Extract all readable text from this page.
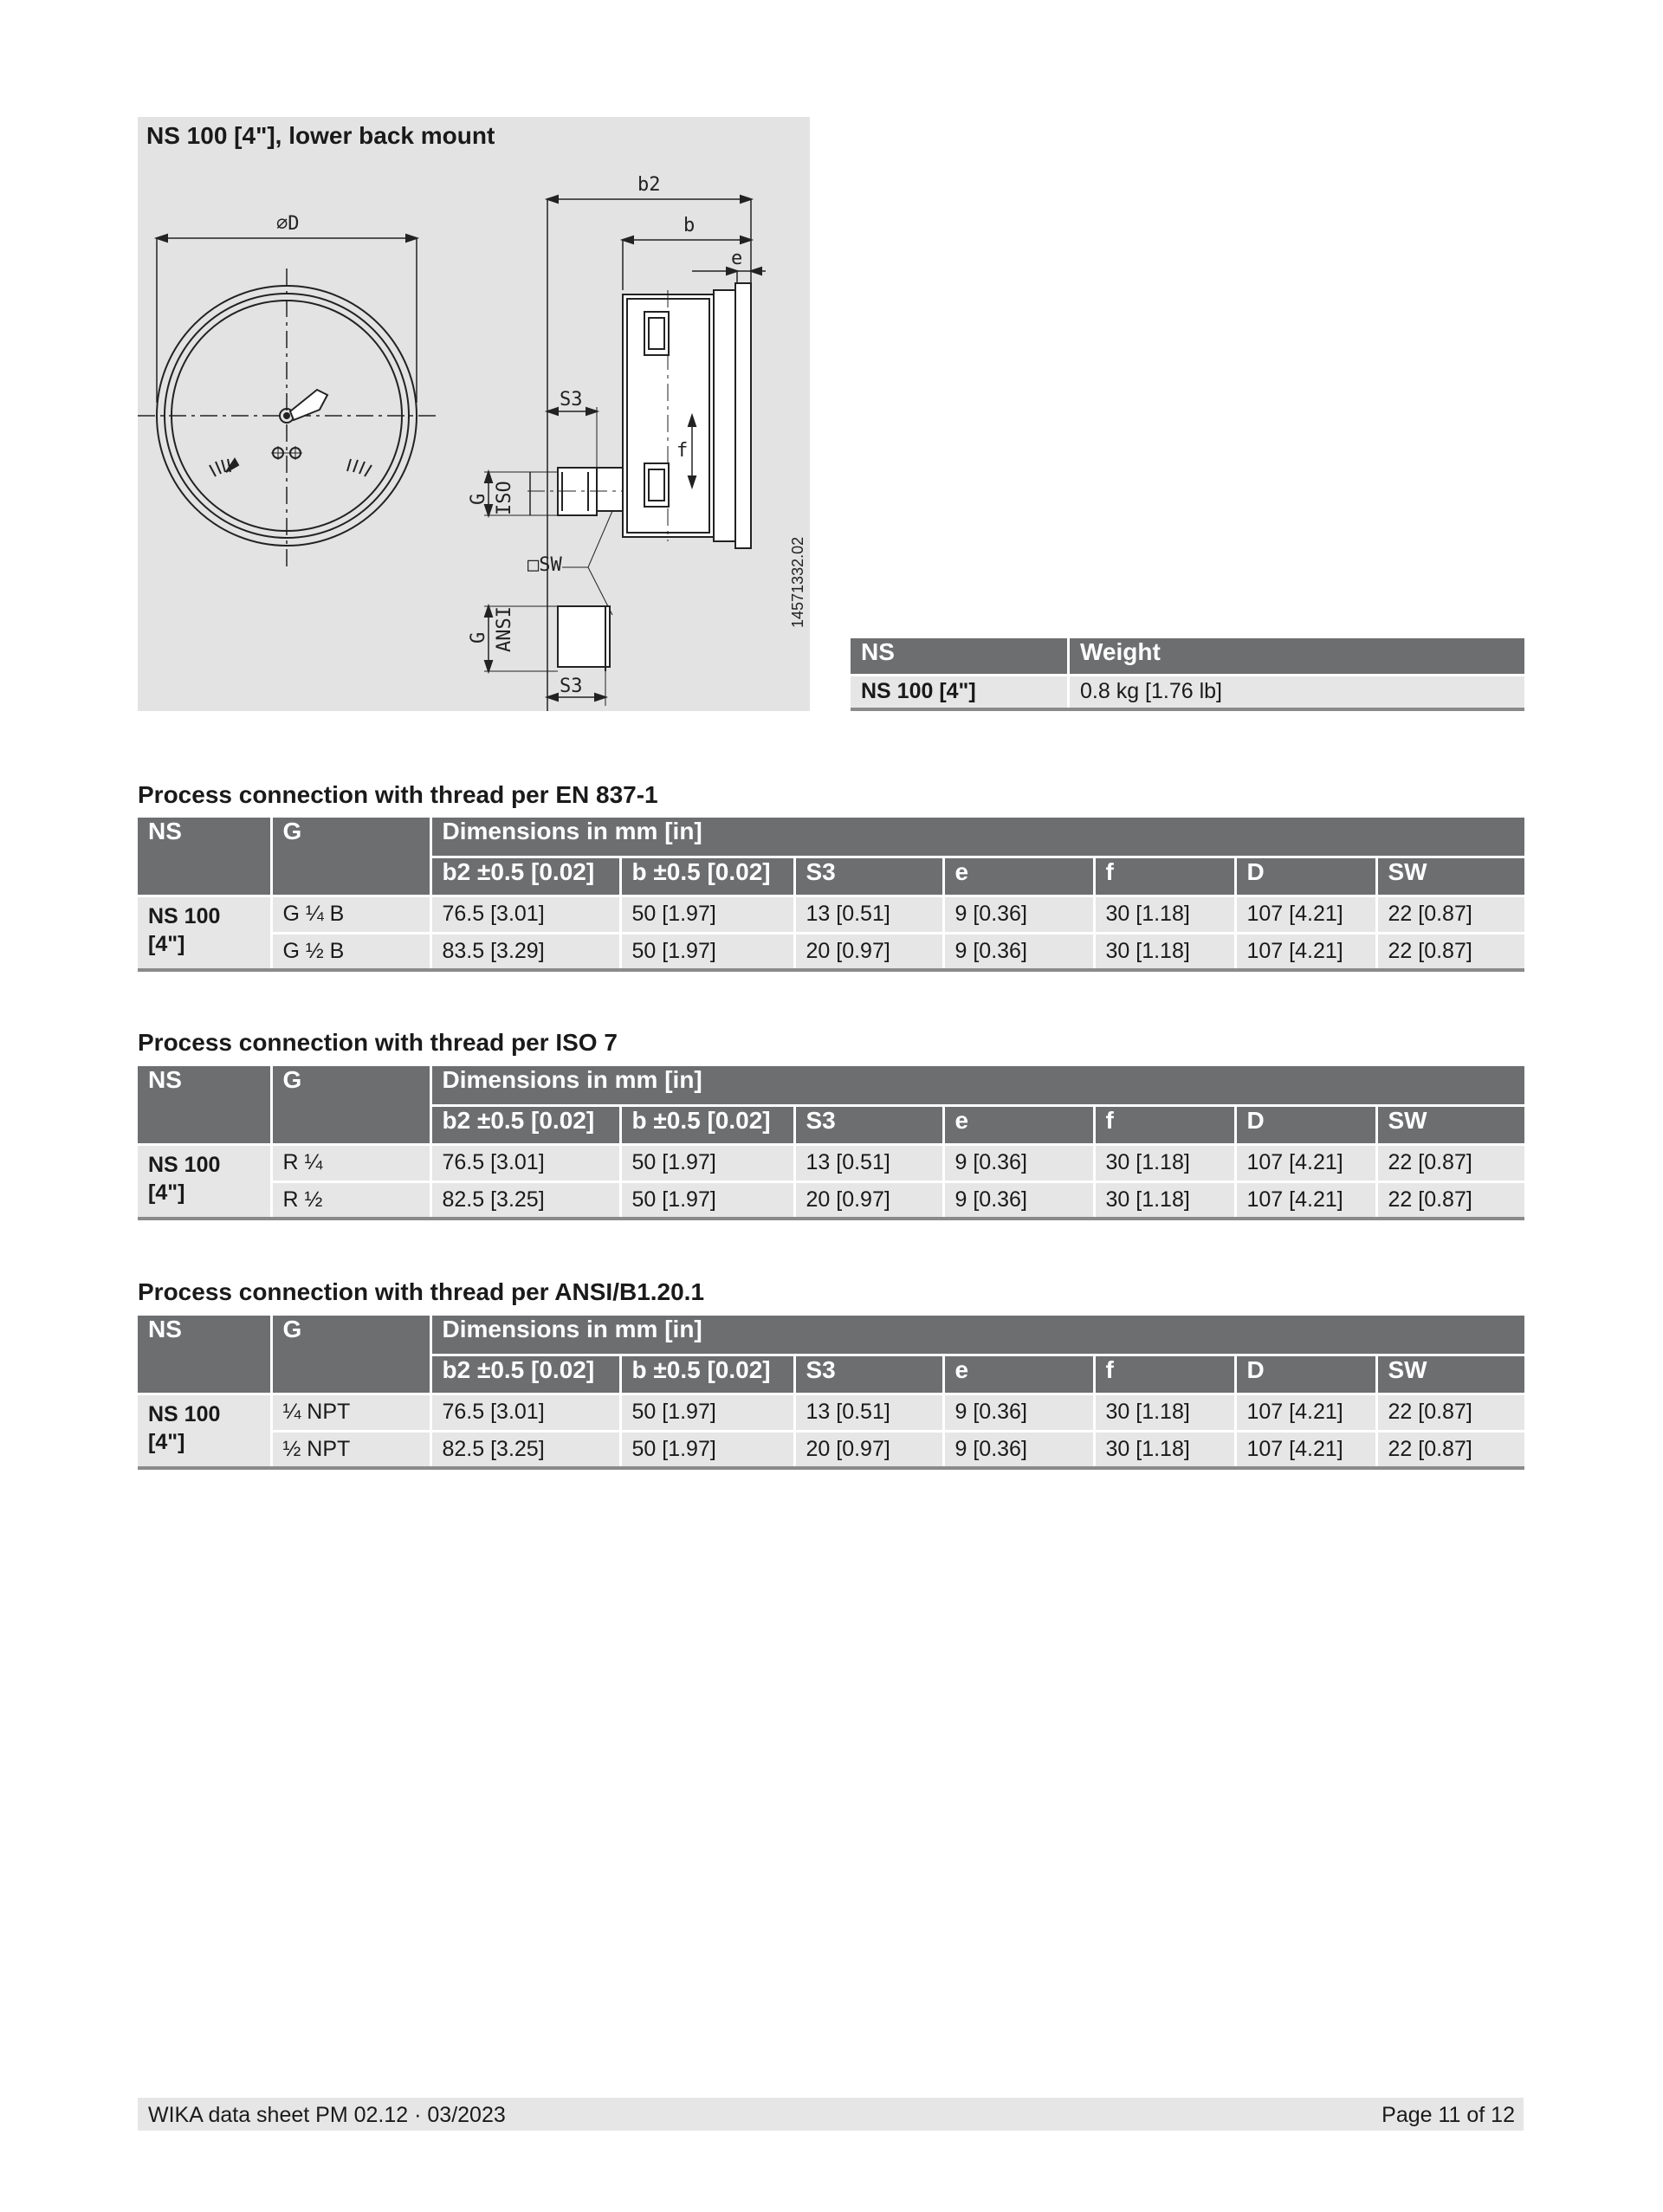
NS 100 [4"], lower back mount
⌀D
b2
b
e
f
S3
S3
□SW
G ISO
G ANSI
14571332.02
NS	Weight
NS 100 [4"]	0.8 kg [1.76 lb]
Process connection with thread per EN 837-1
NS	G	Dimensions in mm [in]						
		b2 ±0.5 [0.02]	b ±0.5 [0.02]	S3	e	f	D	SW
NS 100 [4"]	G ¼ B	76.5 [3.01]	50 [1.97]	13 [0.51]	9 [0.36]	30 [1.18]	107 [4.21]	22 [0.87]
	G ½ B	83.5 [3.29]	50 [1.97]	20 [0.97]	9 [0.36]	30 [1.18]	107 [4.21]	22 [0.87]
Process connection with thread per ISO 7
NS	G	Dimensions in mm [in]						
		b2 ±0.5 [0.02]	b ±0.5 [0.02]	S3	e	f	D	SW
NS 100 [4"]	R ¼	76.5 [3.01]	50 [1.97]	13 [0.51]	9 [0.36]	30 [1.18]	107 [4.21]	22 [0.87]
	R ½	82.5 [3.25]	50 [1.97]	20 [0.97]	9 [0.36]	30 [1.18]	107 [4.21]	22 [0.87]
Process connection with thread per ANSI/B1.20.1
NS	G	Dimensions in mm [in]						
		b2 ±0.5 [0.02]	b ±0.5 [0.02]	S3	e	f	D	SW
NS 100 [4"]	¼ NPT	76.5 [3.01]	50 [1.97]	13 [0.51]	9 [0.36]	30 [1.18]	107 [4.21]	22 [0.87]
	½ NPT	82.5 [3.25]	50 [1.97]	20 [0.97]	9 [0.36]	30 [1.18]	107 [4.21]	22 [0.87]
WIKA data sheet PM 02.12 · 03/2023	Page 11 of 12
